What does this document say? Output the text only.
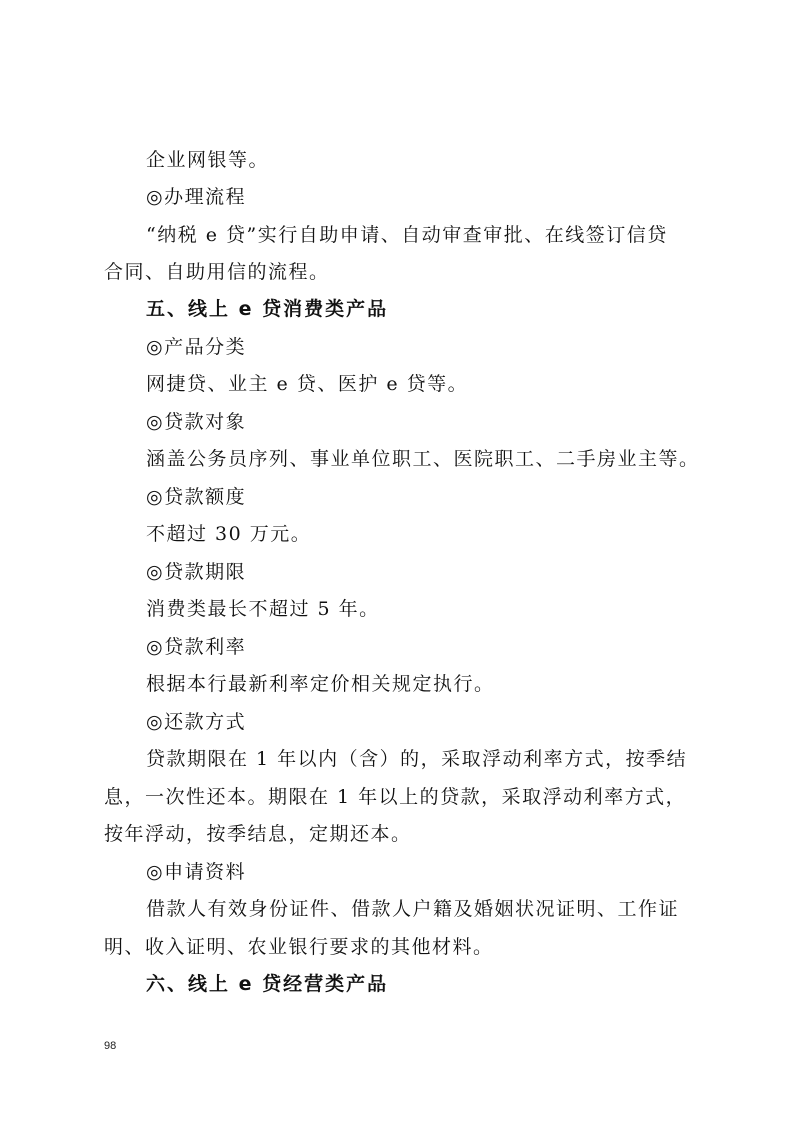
企业网银等。
◎办理流程
“纳税 e 贷”实行自助申请、自动审查审批、在线签订信贷
合同、自助用信的流程。
五、线上 e 贷消费类产品
◎产品分类
网捷贷、业主 e 贷、医护 e 贷等。
◎贷款对象
涵盖公务员序列、事业单位职工、医院职工、二手房业主等。
◎贷款额度
不超过 30 万元。
◎贷款期限
消费类最长不超过 5 年。
◎贷款利率
根据本行最新利率定价相关规定执行。
◎还款方式
贷款期限在 1 年以内（含）的，采取浮动利率方式，按季结
息，一次性还本。期限在 1 年以上的贷款，采取浮动利率方式，
按年浮动，按季结息，定期还本。
◎申请资料
借款人有效身份证件、借款人户籍及婚姻状况证明、工作证
明、收入证明、农业银行要求的其他材料。
六、线上 e 贷经营类产品
98
